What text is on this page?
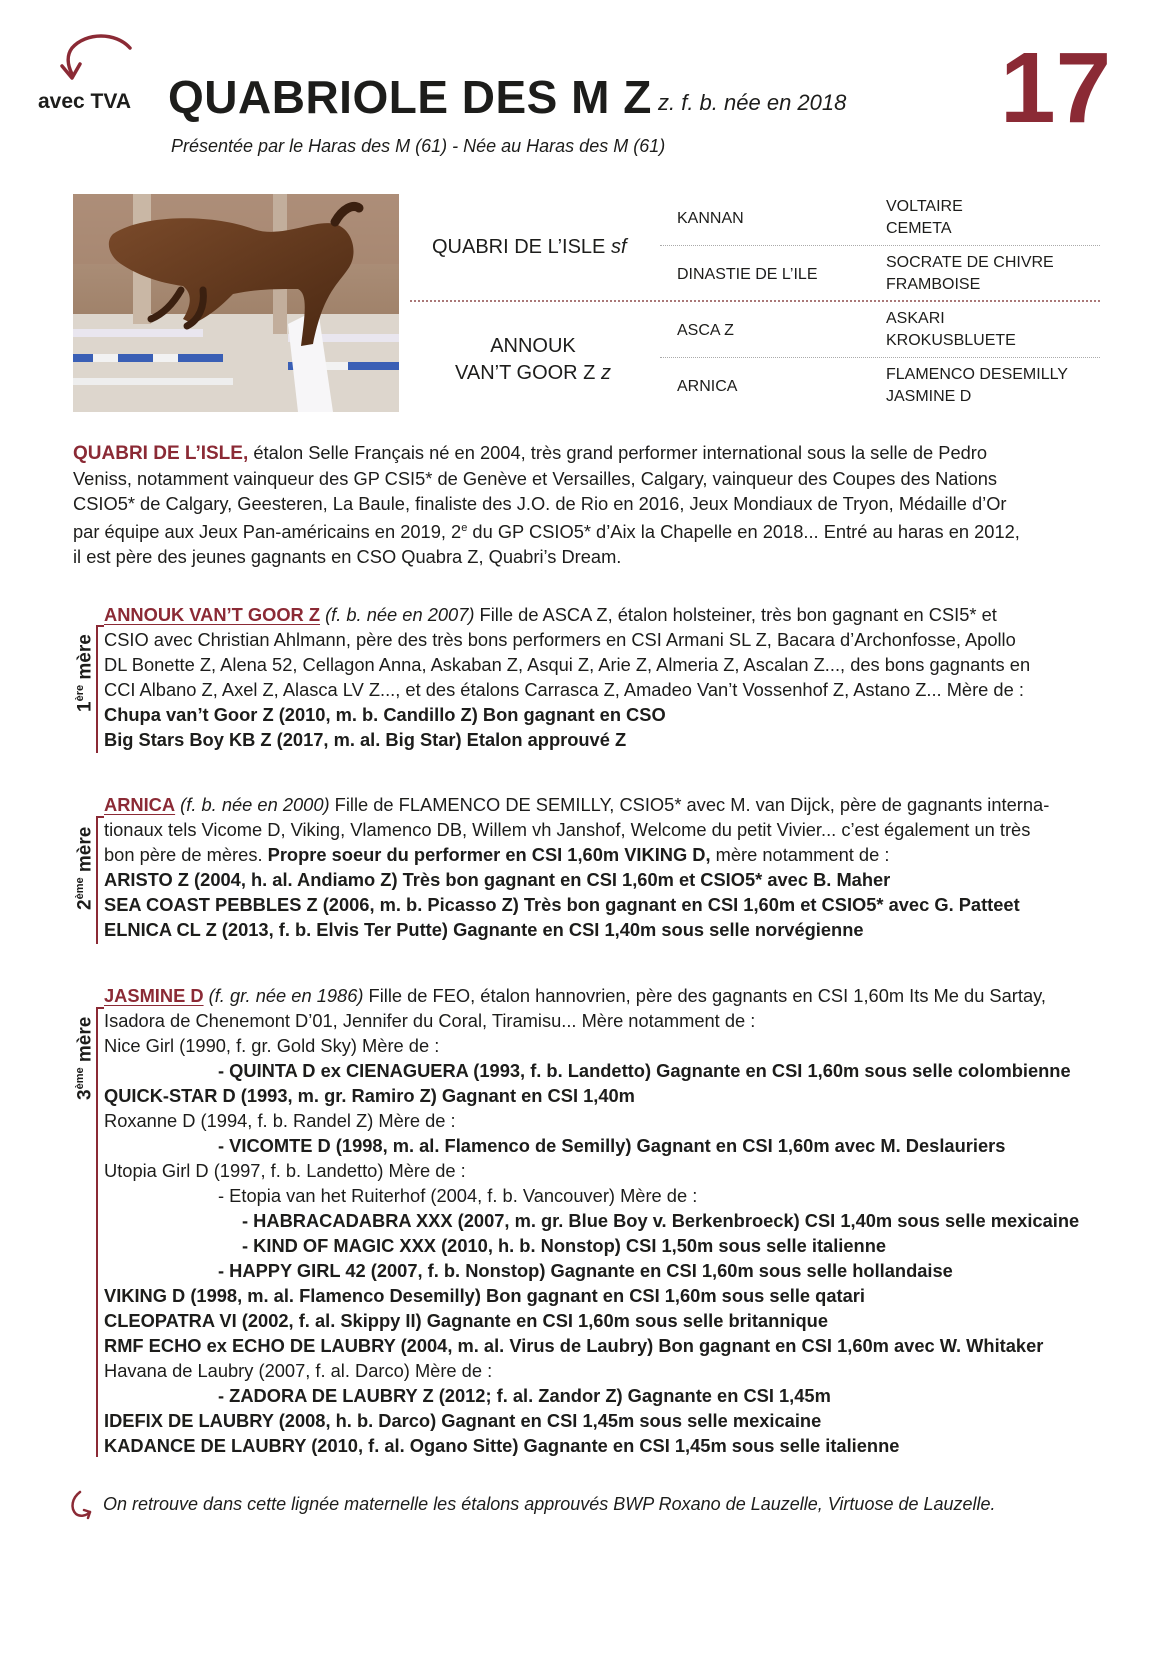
avec TVA QUABRIOLE DES M Z z. f. b. née en 2018 17
Présentée par le Haras des M (61) - Née au Haras des M (61)
QUABRI DE L’ISLE sf
ANNOUK
VAN’T GOOR Z z
KANNAN
DINASTIE DE L’ILE
ASCA Z
ARNICA
VOLTAIRE
CEMETA
SOCRATE DE CHIVRE
FRAMBOISE
ASKARI
KROKUSBLUETE
FLAMENCO DESEMILLY
JASMINE D
QUABRI DE L’ISLE, étalon Selle Français né en 2004, très grand performer international sous la selle de Pedro
Veniss, notamment vainqueur des GP CSI5* de Genève et Versailles, Calgary, vainqueur des Coupes des Nations
CSIO5* de Calgary, Geesteren, La Baule, finaliste des J.O. de Rio en 2016, Jeux Mondiaux de Tryon, Médaille d’Or
par équipe aux Jeux Pan-américains en 2019, 2e du GP CSIO5* d’Aix la Chapelle en 2018... Entré au haras en 2012,
il est père des jeunes gagnants en CSO Quabra Z, Quabri’s Dream.
1ère mère
ANNOUK VAN’T GOOR Z (f. b. née en 2007) Fille de ASCA Z, étalon holsteiner, très bon gagnant en CSI5* et
CSIO avec Christian Ahlmann, père des très bons performers en CSI Armani SL Z, Bacara d’Archonfosse, Apollo
DL Bonette Z, Alena 52, Cellagon Anna, Askaban Z, Asqui Z, Arie Z, Almeria Z, Ascalan Z..., des bons gagnants en
CCI Albano Z, Axel Z, Alasca LV Z..., et des étalons Carrasca Z, Amadeo Van’t Vossenhof Z, Astano Z... Mère de :
Chupa van’t Goor Z (2010, m. b. Candillo Z) Bon gagnant en CSO
Big Stars Boy KB Z (2017, m. al. Big Star) Etalon approuvé Z
2ème mère
ARNICA (f. b. née en 2000) Fille de FLAMENCO DE SEMILLY, CSIO5* avec M. van Dijck, père de gagnants interna-
tionaux tels Vicome D, Viking, Vlamenco DB, Willem vh Janshof, Welcome du petit Vivier... c’est également un très
bon père de mères. Propre soeur du performer en CSI 1,60m VIKING D, mère notamment de :
ARISTO Z (2004, h. al. Andiamo Z) Très bon gagnant en CSI 1,60m et CSIO5* avec B. Maher
SEA COAST PEBBLES Z (2006, m. b. Picasso Z) Très bon gagnant en CSI 1,60m et CSIO5* avec G. Patteet
ELNICA CL Z (2013, f. b. Elvis Ter Putte) Gagnante en CSI 1,40m sous selle norvégienne
3ème mère
JASMINE D (f. gr. née en 1986) Fille de FEO, étalon hannovrien, père des gagnants en CSI 1,60m Its Me du Sartay,
Isadora de Chenemont D’01, Jennifer du Coral, Tiramisu... Mère notamment de :
Nice Girl (1990, f. gr. Gold Sky) Mère de :
- QUINTA D ex CIENAGUERA (1993, f. b. Landetto) Gagnante en CSI 1,60m sous selle colombienne
QUICK-STAR D (1993, m. gr. Ramiro Z) Gagnant en CSI 1,40m
Roxanne D (1994, f. b. Randel Z) Mère de :
- VICOMTE D (1998, m. al. Flamenco de Semilly) Gagnant en CSI 1,60m avec M. Deslauriers
Utopia Girl D (1997, f. b. Landetto) Mère de :
- Etopia van het Ruiterhof (2004, f. b. Vancouver) Mère de :
- HABRACADABRA XXX (2007, m. gr. Blue Boy v. Berkenbroeck) CSI 1,40m sous selle mexicaine
- KIND OF MAGIC XXX (2010, h. b. Nonstop) CSI 1,50m sous selle italienne
- HAPPY GIRL 42 (2007, f. b. Nonstop) Gagnante en CSI 1,60m sous selle hollandaise
VIKING D (1998, m. al. Flamenco Desemilly) Bon gagnant en CSI 1,60m sous selle qatari
CLEOPATRA VI (2002, f. al. Skippy II) Gagnante en CSI 1,60m sous selle britannique
RMF ECHO ex ECHO DE LAUBRY (2004, m. al. Virus de Laubry) Bon gagnant en CSI 1,60m avec W. Whitaker
Havana de Laubry (2007, f. al. Darco) Mère de :
- ZADORA DE LAUBRY Z (2012; f. al. Zandor Z) Gagnante en CSI 1,45m
IDEFIX DE LAUBRY (2008, h. b. Darco) Gagnant en CSI 1,45m sous selle mexicaine
KADANCE DE LAUBRY (2010, f. al. Ogano Sitte) Gagnante en CSI 1,45m sous selle italienne
On retrouve dans cette lignée maternelle les étalons approuvés BWP Roxano de Lauzelle, Virtuose de Lauzelle.
